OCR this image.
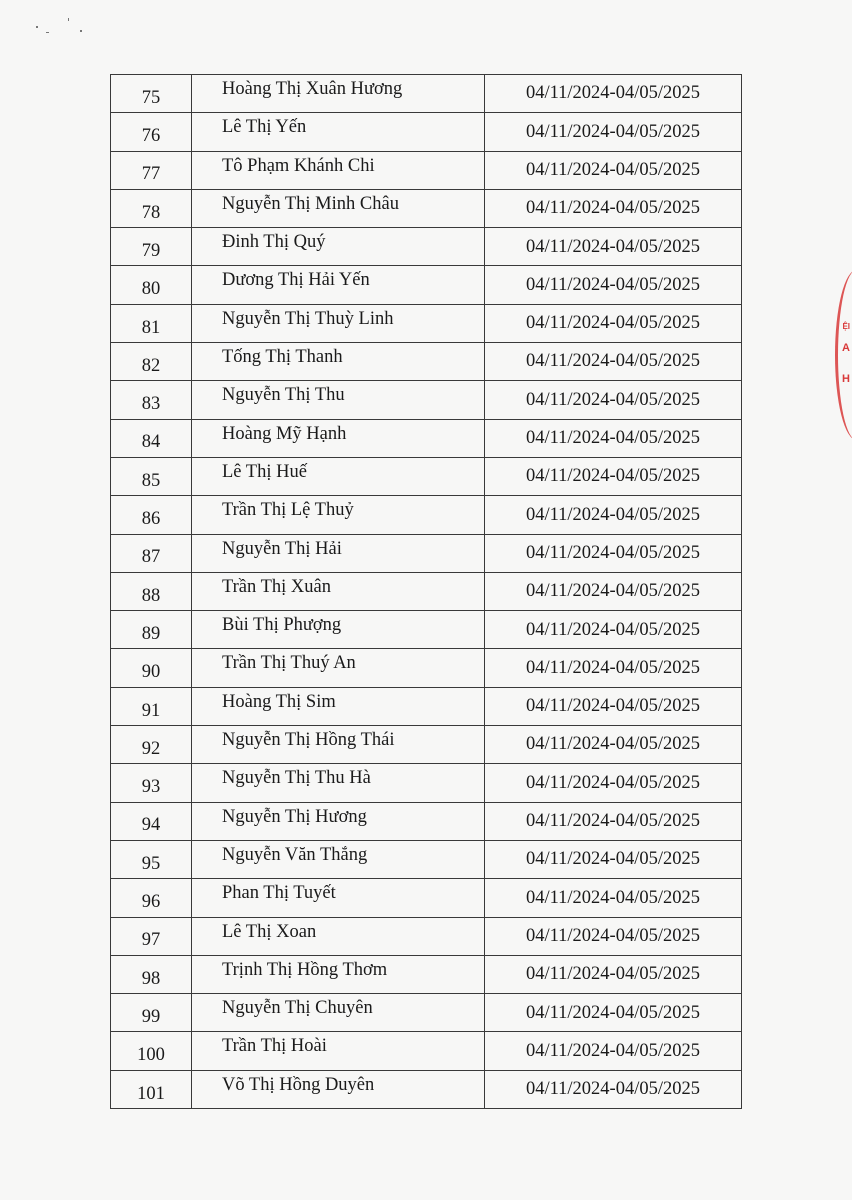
ỆI
A
H
75	Hoàng Thị Xuân Hương	04/11/2024-04/05/2025
76	Lê Thị Yến	04/11/2024-04/05/2025
77	Tô Phạm Khánh Chi	04/11/2024-04/05/2025
78	Nguyễn Thị Minh Châu	04/11/2024-04/05/2025
79	Đinh Thị Quý	04/11/2024-04/05/2025
80	Dương Thị Hải Yến	04/11/2024-04/05/2025
81	Nguyễn Thị Thuỳ Linh	04/11/2024-04/05/2025
82	Tống Thị Thanh	04/11/2024-04/05/2025
83	Nguyễn Thị Thu	04/11/2024-04/05/2025
84	Hoàng Mỹ Hạnh	04/11/2024-04/05/2025
85	Lê Thị Huế	04/11/2024-04/05/2025
86	Trần Thị Lệ Thuỷ	04/11/2024-04/05/2025
87	Nguyễn Thị Hải	04/11/2024-04/05/2025
88	Trần Thị Xuân	04/11/2024-04/05/2025
89	Bùi Thị Phượng	04/11/2024-04/05/2025
90	Trần Thị Thuý An	04/11/2024-04/05/2025
91	Hoàng Thị Sim	04/11/2024-04/05/2025
92	Nguyễn Thị Hồng Thái	04/11/2024-04/05/2025
93	Nguyễn Thị Thu Hà	04/11/2024-04/05/2025
94	Nguyễn Thị Hương	04/11/2024-04/05/2025
95	Nguyễn Văn Thắng	04/11/2024-04/05/2025
96	Phan Thị Tuyết	04/11/2024-04/05/2025
97	Lê Thị Xoan	04/11/2024-04/05/2025
98	Trịnh Thị Hồng Thơm	04/11/2024-04/05/2025
99	Nguyễn Thị Chuyên	04/11/2024-04/05/2025
100	Trần Thị Hoài	04/11/2024-04/05/2025
101	Võ Thị Hồng Duyên	04/11/2024-04/05/2025
